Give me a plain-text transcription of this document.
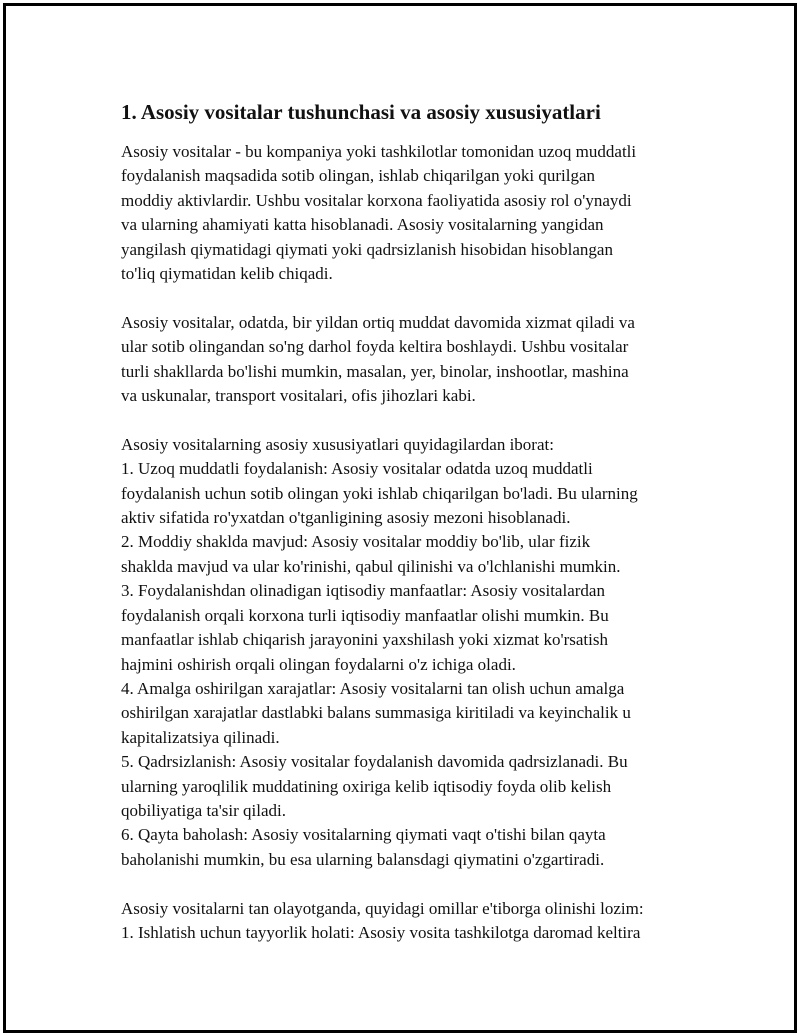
1. Asosiy vositalar tushunchasi va asosiy xususiyatlari

Asosiy vositalar - bu kompaniya yoki tashkilotlar tomonidan uzoq muddatli
foydalanish maqsadida sotib olingan, ishlab chiqarilgan yoki qurilgan
moddiy aktivlardir. Ushbu vositalar korxona faoliyatida asosiy rol o'ynaydi
va ularning ahamiyati katta hisoblanadi. Asosiy vositalarning yangidan
yangilash qiymatidagi qiymati yoki qadrsizlanish hisobidan hisoblangan
to'liq qiymatidan kelib chiqadi.

Asosiy vositalar, odatda, bir yildan ortiq muddat davomida xizmat qiladi va
ular sotib olingandan so'ng darhol foyda keltira boshlaydi. Ushbu vositalar
turli shakllarda bo'lishi mumkin, masalan, yer, binolar, inshootlar, mashina
va uskunalar, transport vositalari, ofis jihozlari kabi.

Asosiy vositalarning asosiy xususiyatlari quyidagilardan iborat:
1. Uzoq muddatli foydalanish: Asosiy vositalar odatda uzoq muddatli
foydalanish uchun sotib olingan yoki ishlab chiqarilgan bo'ladi. Bu ularning
aktiv sifatida ro'yxatdan o'tganligining asosiy mezoni hisoblanadi.
2. Moddiy shaklda mavjud: Asosiy vositalar moddiy bo'lib, ular fizik
shaklda mavjud va ular ko'rinishi, qabul qilinishi va o'lchlanishi mumkin.
3. Foydalanishdan olinadigan iqtisodiy manfaatlar: Asosiy vositalardan
foydalanish orqali korxona turli iqtisodiy manfaatlar olishi mumkin. Bu
manfaatlar ishlab chiqarish jarayonini yaxshilash yoki xizmat ko'rsatish
hajmini oshirish orqali olingan foydalarni o'z ichiga oladi.
4. Amalga oshirilgan xarajatlar: Asosiy vositalarni tan olish uchun amalga
oshirilgan xarajatlar dastlabki balans summasiga kiritiladi va keyinchalik u
kapitalizatsiya qilinadi.
5. Qadrsizlanish: Asosiy vositalar foydalanish davomida qadrsizlanadi. Bu
ularning yaroqlilik muddatining oxiriga kelib iqtisodiy foyda olib kelish
qobiliyatiga ta'sir qiladi.
6. Qayta baholash: Asosiy vositalarning qiymati vaqt o'tishi bilan qayta
baholanishi mumkin, bu esa ularning balansdagi qiymatini o'zgartiradi.

Asosiy vositalarni tan olayotganda, quyidagi omillar e'tiborga olinishi lozim:
1. Ishlatish uchun tayyorlik holati: Asosiy vosita tashkilotga daromad keltira
